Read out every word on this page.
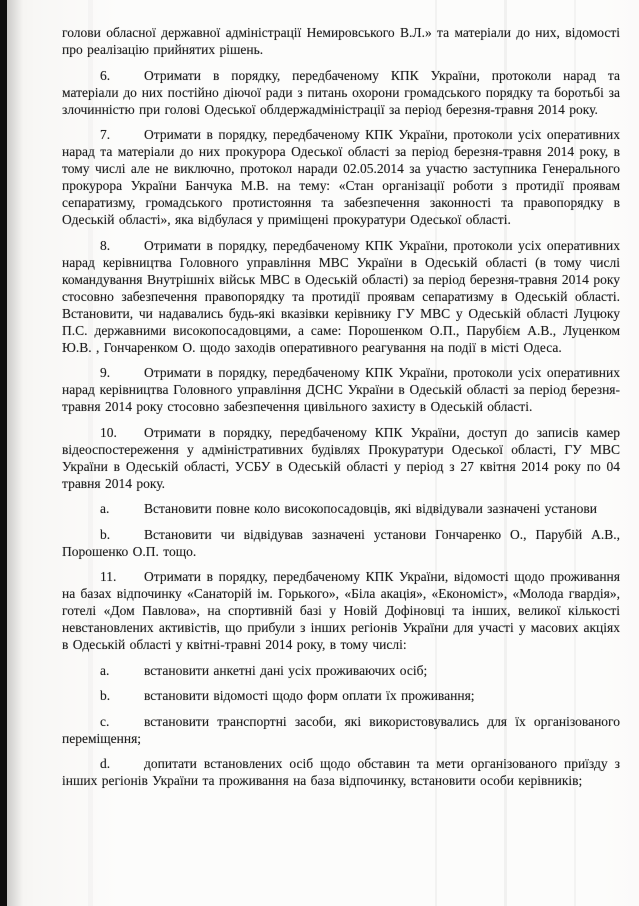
голови обласної державної адміністрації Немировського В.Л.» та матеріали до них, відомості про реалізацію прийнятих рішень.

6.	Отримати в порядку, передбаченому КПК України, протоколи нарад та матеріали до них постійно діючої ради з питань охорони громадського порядку та боротьбі за злочинністю при голові Одеської облдержадміністрації за період березня-травня 2014 року.

7.	Отримати в порядку, передбаченому КПК України, протоколи усіх оперативних нарад та матеріали до них прокурора Одеської області за період березня-травня 2014 року, в тому числі але не виключно, протокол наради 02.05.2014 за участю заступника Генерального прокурора України Банчука М.В. на тему: «Стан організації роботи з протидії проявам сепаратизму, громадського протистояння та забезпечення законності та правопорядку в Одеській області», яка відбулася у приміщені прокуратури Одеської області.

8.	Отримати в порядку, передбаченому КПК України, протоколи усіх оперативних нарад керівництва Головного управління МВС України в Одеській області (в тому числі командування Внутрішніх військ МВС в Одеській області) за період березня-травня 2014 року стосовно забезпечення правопорядку та протидії проявам сепаратизму в Одеській області. Встановити, чи надавались будь-які вказівки керівнику ГУ МВС у Одеській області Луцюку П.С. державними високопосадовцями, а саме: Порошенком О.П., Парубієм А.В., Луценком Ю.В. , Гончаренком О. щодо заходів оперативного реагування на події в місті Одеса.

9.	Отримати в порядку, передбаченому КПК України, протоколи усіх оперативних нарад керівництва Головного управління ДСНС України в Одеській області за період березня-травня 2014 року стосовно забезпечення цивільного захисту в Одеській області.

10. Отримати в порядку, передбаченому КПК України, доступ до записів камер відеоспостереження у адміністративних будівлях Прокуратури Одеської області, ГУ МВС України в Одеській області, УСБУ в Одеській області у період з 27 квітня 2014 року по 04 травня 2014 року.

a.	Встановити повне коло високопосадовців, які відвідували зазначені установи

b.	Встановити чи відвідував зазначені установи Гончаренко О., Парубій А.В., Порошенко О.П. тощо.

11. Отримати в порядку, передбаченому КПК України, відомості щодо проживання на базах відпочинку «Санаторій ім. Горького», «Біла акація», «Економіст», «Молода гвардія», готелі «Дом Павлова», на спортивній базі у Новій Дофіновці та інших, великої кількості невстановлених активістів, що прибули з інших регіонів України для участі у масових акціях в Одеській області у квітні-травні 2014 року, в тому числі:

a.	встановити анкетні дані усіх проживаючих осіб;

b.	встановити відомості щодо форм оплати їх проживання;

c.	встановити транспортні засоби, які використовувались для їх організованого переміщення;

d.	допитати встановлених осіб щодо обставин та мети організованого приїзду з інших регіонів України та проживання на база відпочинку, встановити особи керівників;
